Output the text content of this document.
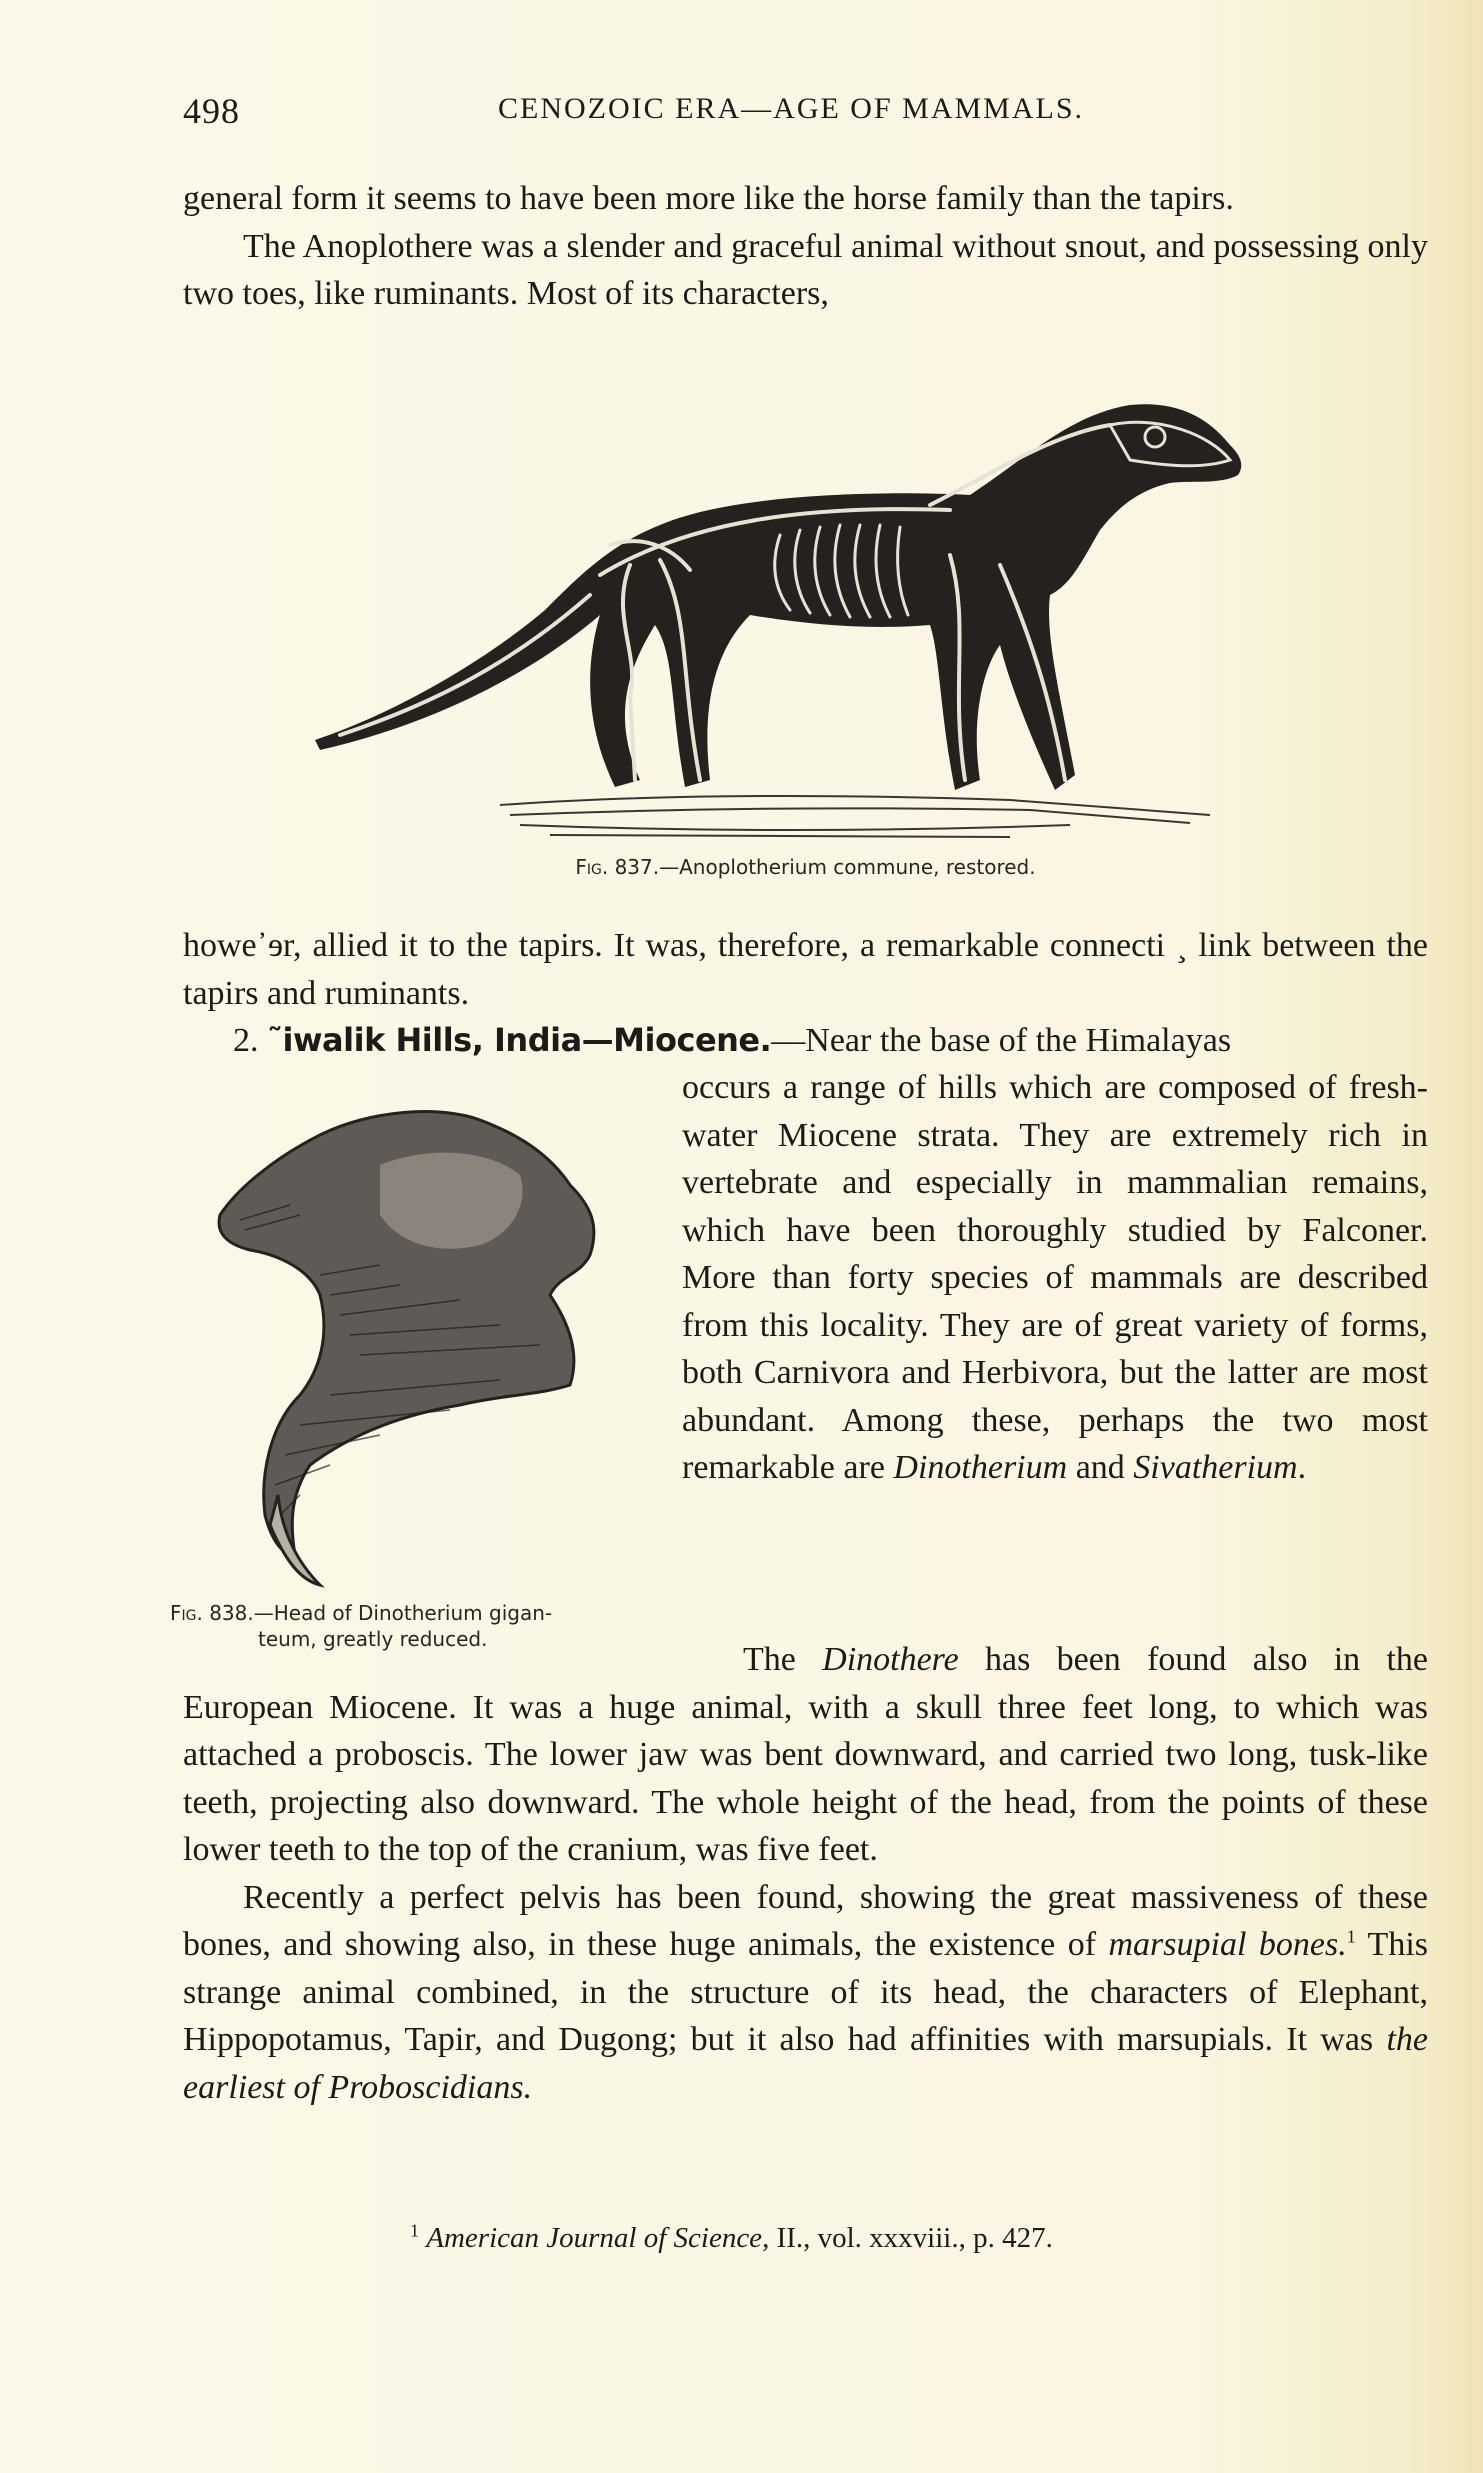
498	CENOZOIC ERA—AGE OF MAMMALS.

general form it seems to have been more like the horse family than the tapirs.

The Anoplothere was a slender and graceful animal without snout, and possessing only two toes, like ruminants. Most of its characters,

Fig. 837.—Anoplotherium commune, restored.

howe᾿ɘr, allied it to the tapirs. It was, therefore, a remarkable connecti ¸ link between the tapirs and ruminants.

2. ˜iwalik Hills, India—Miocene.—Near the base of the Himalayas
Fig. 838.—Head of Dinotherium gigan-
teum, greatly reduced.

occurs a range of hills which are composed of fresh-water Miocene strata. They are extremely rich in vertebrate and especially in mammalian remains, which have been thoroughly studied by Falconer. More than forty species of mammals are described from this locality. They are of great variety of forms, both Carnivora and Herbivora, but the latter are most abundant. Among these, perhaps the two most remarkable are Dinotherium and Sivatherium.

The Dinothere has been found also in the European Miocene. It was a huge animal, with a skull three feet long, to which was attached a proboscis. The lower jaw was bent downward, and carried two long, tusk-like teeth, projecting also downward. The whole height of the head, from the points of these lower teeth to the top of the cranium, was five feet.

Recently a perfect pelvis has been found, showing the great massiveness of these bones, and showing also, in these huge animals, the existence of marsupial bones.$^1$ This strange animal combined, in the structure of its head, the characters of Elephant, Hippopotamus, Tapir, and Dugong; but it also had affinities with marsupials. It was the earliest of Proboscidians.

$^1$ American Journal of Science, II., vol. xxxviii., p. 427.
